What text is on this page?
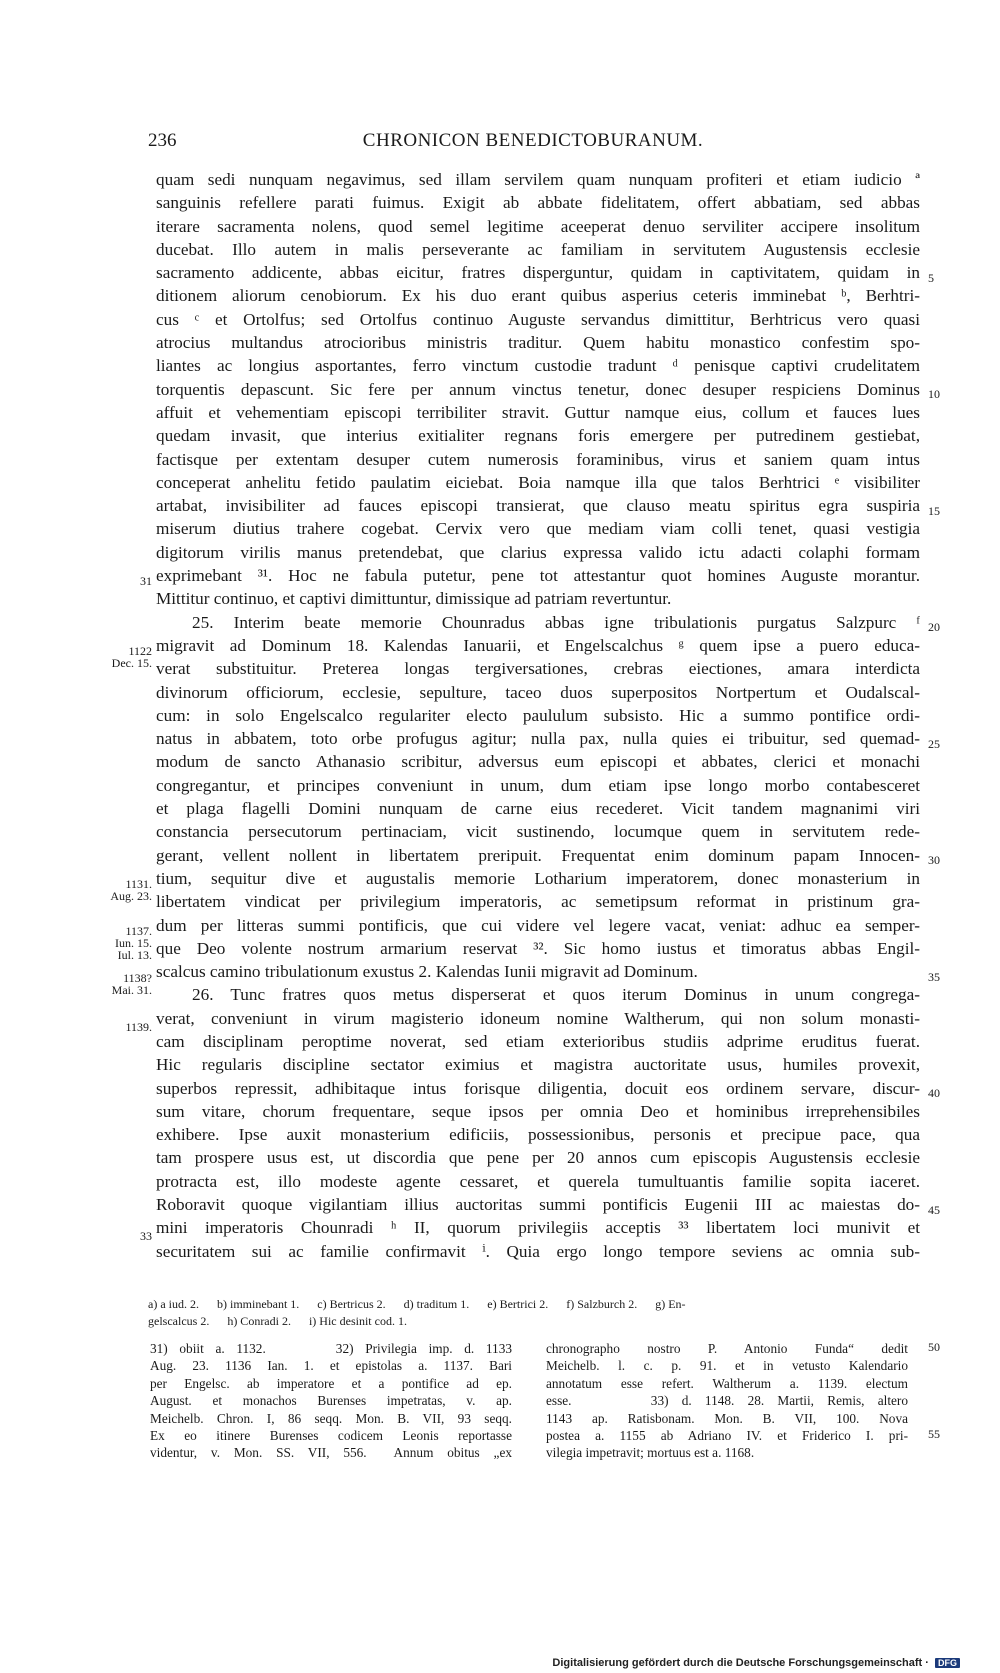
236	CHRONICON BENEDICTOBURANUM.
quam sedi nunquam negavimus, sed illam servilem quam nunquam profiteri et etiam iudicio ª
sanguinis refellere parati fuimus. Exigit ab abbate fidelitatem, offert abbatiam, sed abbas
iterare sacramenta nolens, quod semel legitime aceeperat denuo serviliter accipere insolitum
ducebat. Illo autem in malis perseverante ac familiam in servitutem Augustensis ecclesie
sacramento addicente, abbas eicitur, fratres disperguntur, quidam in captivitatem, quidam in
ditionem aliorum cenobiorum. Ex his duo erant quibus asperius ceteris imminebat ᵇ, Berhtri-
cus ᶜ et Ortolfus; sed Ortolfus continuo Auguste servandus dimittitur, Berhtricus vero quasi
atrocius multandus atrocioribus ministris traditur. Quem habitu monastico confestim spo-
liantes ac longius asportantes, ferro vinctum custodie tradunt ᵈ penisque captivi crudelitatem
torquentis depascunt. Sic fere per annum vinctus tenetur, donec desuper respiciens Dominus
affuit et vehementiam episcopi terribiliter stravit. Guttur namque eius, collum et fauces lues
quedam invasit, que interius exitialiter regnans foris emergere per putredinem gestiebat,
factisque per extentam desuper cutem numerosis foraminibus, virus et saniem quam intus
conceperat anhelitu fetido paulatim eiciebat. Boia namque illa que talos Berhtrici ᵉ visibiliter
artabat, invisibiliter ad fauces episcopi transierat, que clauso meatu spiritus egra suspiria
miserum diutius trahere cogebat. Cervix vero que mediam viam colli tenet, quasi vestigia
digitorum virilis manus pretendebat, que clarius expressa valido ictu adacti colaphi formam
exprimebant ³¹. Hoc ne fabula putetur, pene tot attestantur quot homines Auguste morantur.
Mittitur continuo, et captivi dimittuntur, dimissique ad patriam revertuntur.
25. Interim beate memorie Chounradus abbas igne tribulationis purgatus Salzpurc ᶠ
migravit ad Dominum 18. Kalendas Ianuarii, et Engelscalchus ᵍ quem ipse a puero educa-
verat substituitur. Preterea longas tergiversationes, crebras eiectiones, amara interdicta
divinorum officiorum, ecclesie, sepulture, taceo duos superpositos Nortpertum et Oudalscal-
cum: in solo Engelscalco regulariter electo paululum subsisto. Hic a summo pontifice ordi-
natus in abbatem, toto orbe profugus agitur; nulla pax, nulla quies ei tribuitur, sed quemad-
modum de sancto Athanasio scribitur, adversus eum episcopi et abbates, clerici et monachi
congregantur, et principes conveniunt in unum, dum etiam ipse longo morbo contabesceret
et plaga flagelli Domini nunquam de carne eius recederet. Vicit tandem magnanimi viri
constancia persecutorum pertinaciam, vicit sustinendo, locumque quem in servitutem rede-
gerant, vellent nollent in libertatem preripuit. Frequentat enim dominum papam Innocen-
tium, sequitur dive et augustalis memorie Lotharium imperatorem, donec monasterium in
libertatem vindicat per privilegium imperatoris, ac semetipsum reformat in pristinum gra-
dum per litteras summi pontificis, que cui videre vel legere vacat, veniat: adhuc ea semper-
que Deo volente nostrum armarium reservat ³². Sic homo iustus et timoratus abbas Engil-
scalcus camino tribulationum exustus 2. Kalendas Iunii migravit ad Dominum.
26. Tunc fratres quos metus disperserat et quos iterum Dominus in unum congrega-
verat, conveniunt in virum magisterio idoneum nomine Waltherum, qui non solum monasti-
cam disciplinam peroptime noverat, sed etiam exterioribus studiis adprime eruditus fuerat.
Hic regularis discipline sectator eximius et magistra auctoritate usus, humiles provexit,
superbos repressit, adhibitaque intus forisque diligentia, docuit eos ordinem servare, discur-
sum vitare, chorum frequentare, seque ipsos per omnia Deo et hominibus irreprehensibiles
exhibere. Ipse auxit monasterium edificiis, possessionibus, personis et precipue pace, qua
tam prospere usus est, ut discordia que pene per 20 annos cum episcopis Augustensis ecclesie
protracta est, illo modeste agente cessaret, et querela tumultuantis familie sopita iaceret.
Roboravit quoque vigilantiam illius auctoritas summi pontificis Eugenii III ac maiestas do-
mini imperatoris Chounradi ʰ II, quorum privilegiis acceptis ³³ libertatem loci munivit et
securitatem sui ac familie confirmavit ⁱ. Quia ergo longo tempore seviens ac omnia sub-
5
10
15
20
25
30
35
40
45
31
1122
Dec. 15.
1131.
Aug. 23.
1137.
Iun. 15.
Iul. 13.
1138?
Mai. 31.
1139.
33
a) a iud. 2.      b) imminebant 1.      c) Bertricus 2.      d) traditum 1.      e) Bertrici 2.      f) Salzburch 2.      g) En-
gelscalcus 2.      h) Conradi 2.      i) Hic desinit cod. 1.
31) obiit a. 1132.      32) Privilegia imp. d. 1133
Aug. 23. 1136 Ian. 1. et epistolas a. 1137. Bari
per Engelsc. ab imperatore et a pontifice ad ep.
August. et monachos Burenses impetratas, v. ap.
Meichelb. Chron. I, 86 seqq. Mon. B. VII, 93 seqq.
Ex eo itinere Burenses codicem Leonis reportasse
videntur, v. Mon. SS. VII, 556.  Annum obitus „ex
chronographo nostro P. Antonio Funda“ dedit
Meichelb. l. c. p. 91. et in vetusto Kalendario
annotatum esse refert. Waltherum a. 1139. electum
esse.      33) d. 1148. 28. Martii, Remis, altero
1143 ap. Ratisbonam. Mon. B. VII, 100. Nova
postea a. 1155 ab Adriano IV. et Friderico I. pri-
vilegia impetravit; mortuus est a. 1168.
50
55
Digitalisierung gefördert durch die Deutsche Forschungsgemeinschaft · DFG
